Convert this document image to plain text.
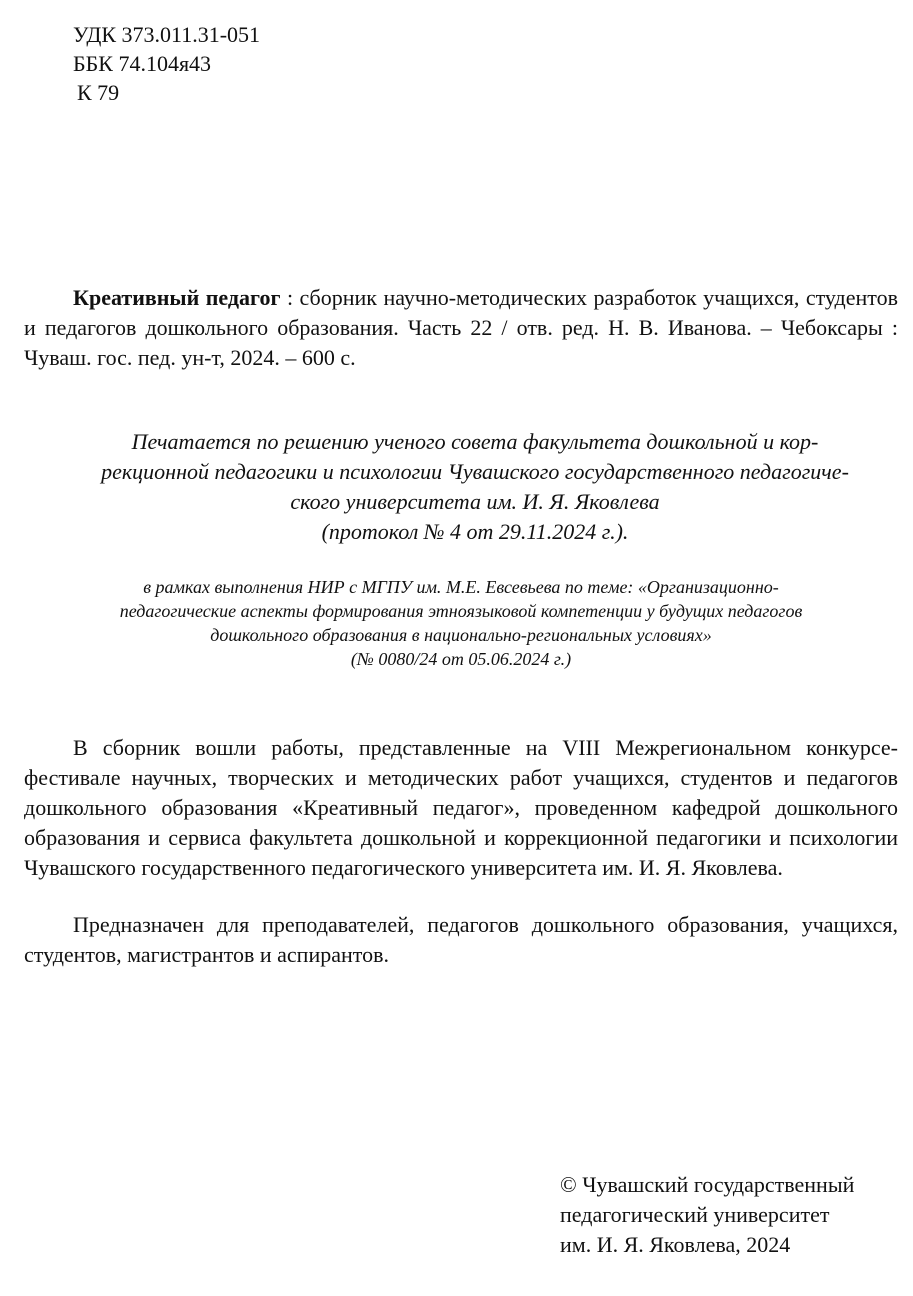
УДК 373.011.31-051
ББК 74.104я43
К 79

Креативный педагог : сборник научно-методических разработок учащихся, студентов и педагогов дошкольного образования. Часть 22 / отв. ред. Н. В. Иванова. – Чебоксары : Чуваш. гос. пед. ун-т, 2024. – 600 с.

Печатается по решению ученого совета факультета дошкольной и кор-
рекционной педагогики и психологии Чувашского государственного педагогиче-
ского университета им. И. Я. Яковлева
(протокол № 4 от 29.11.2024 г.).
в рамках выполнения НИР с МГПУ им. М.Е. Евсевьева по теме: «Организационно-
педагогические аспекты формирования этноязыковой компетенции у будущих педагогов
дошкольного образования в национально-региональных условиях»
(№ 0080/24 от 05.06.2024 г.)

В сборник вошли работы, представленные на VIII Межрегиональном конкурсе-фестивале научных, творческих и методических работ учащихся, студентов и педагогов дошкольного образования «Креативный педагог», проведенном кафедрой дошкольного образования и сервиса факультета дошкольной и коррекционной педагогики и психологии Чувашского государственного педагогического университета им. И. Я. Яковлева.

Предназначен для преподавателей, педагогов дошкольного образования, учащихся, студентов, магистрантов и аспирантов.

© Чувашский государственный
педагогический университет
им. И. Я. Яковлева, 2024
